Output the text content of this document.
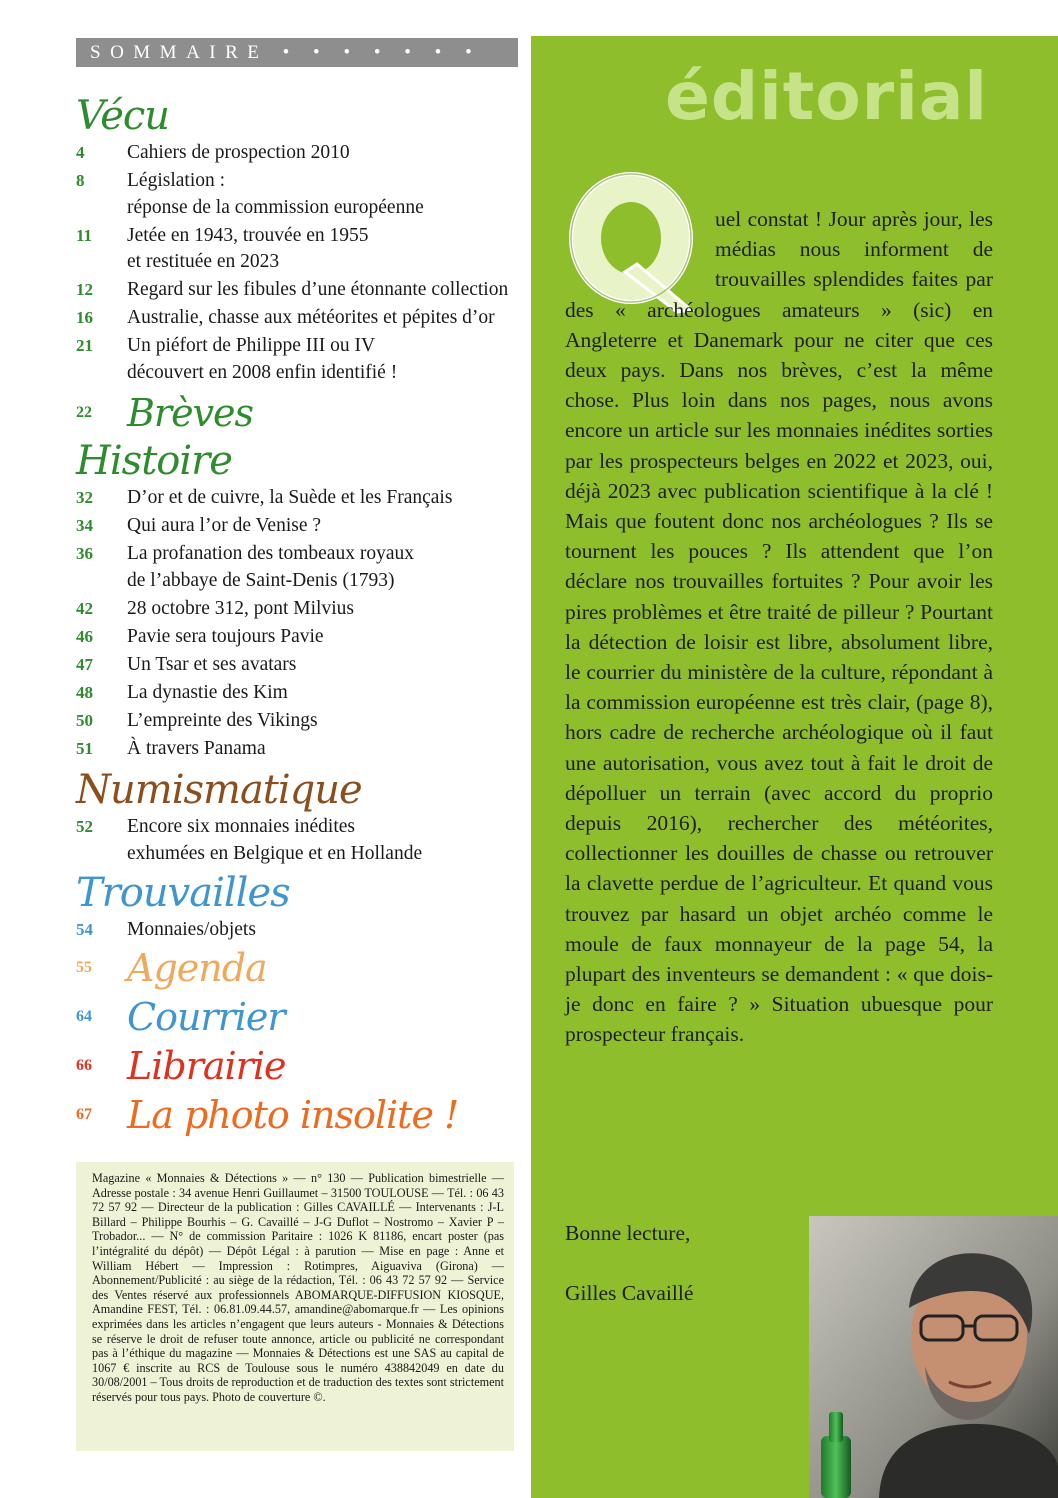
SOMMAIRE • • • • • • •
Vécu
4	Cahiers de prospection 2010
8	Législation :
réponse de la commission européenne
11	Jetée en 1943, trouvée en 1955
et restituée en 2023
12	Regard sur les fibules d’une étonnante collection
16	Australie, chasse aux météorites et pépites d’or
21	Un piéfort de Philippe III ou IV
découvert en 2008 enfin identifié !
22 Brèves
Histoire
32	D’or et de cuivre, la Suède et les Français
34	Qui aura l’or de Venise ?
36	La profanation des tombeaux royaux
de l’abbaye de Saint-Denis (1793)
42	28 octobre 312, pont Milvius
46	Pavie sera toujours Pavie
47	Un Tsar et ses avatars
48	La dynastie des Kim
50	L’empreinte des Vikings
51	À travers Panama
Numismatique
52	Encore six monnaies inédites
exhumées en Belgique et en Hollande
Trouvailles
54	Monnaies/objets
55 Agenda
64 Courrier
66 Librairie
67 La photo insolite !
Magazine « Monnaies & Détections » — n° 130 — Publication bimestrielle — Adresse postale : 34 avenue Henri Guillaumet – 31500 TOULOUSE — Tél. : 06 43 72 57 92 — Directeur de la publication : Gilles CAVAILLÉ — Intervenants : J-L Billard – Philippe Bourhis – G. Cavaillé – J-G Duflot – Nostromo – Xavier P – Trobador... — N° de commission Paritaire : 1026 K 81186, encart poster (pas l’intégralité du dépôt) — Dépôt Légal : à parution — Mise en page : Anne et William Hébert — Impression : Rotimpres, Aiguaviva (Girona) — Abonnement/Publicité : au siège de la rédaction, Tél. : 06 43 72 57 92 — Service des Ventes réservé aux professionnels ABOMARQUE-DIFFUSION KIOSQUE, Amandine FEST, Tél. : 06.81.09.44.57, amandine@abomarque.fr — Les opinions exprimées dans les articles n’engagent que leurs auteurs - Monnaies & Détections se réserve le droit de refuser toute annonce, article ou publicité ne correspondant pas à l’éthique du magazine — Monnaies & Détections est une SAS au capital de 1067 € inscrite au RCS de Toulouse sous le numéro 438842049 en date du 30/08/2001 – Tous droits de reproduction et de traduction des textes sont strictement réservés pour tous pays. Photo de couverture ©.
éditorial
uel constat ! Jour après jour, les médias nous informent de trouvailles splendides faites par des « archéologues amateurs » (sic) en Angleterre et Danemark pour ne citer que ces deux pays. Dans nos brèves, c’est la même chose. Plus loin dans nos pages, nous avons encore un article sur les monnaies inédites sorties par les prospecteurs belges en 2022 et 2023, oui, déjà 2023 avec publication scientifique à la clé ! Mais que foutent donc nos archéologues ? Ils se tournent les pouces ? Ils attendent que l’on déclare nos trouvailles fortuites ? Pour avoir les pires problèmes et être traité de pilleur ? Pourtant la détection de loisir est libre, absolument libre, le courrier du ministère de la culture, répondant à la commission européenne est très clair, (page 8), hors cadre de recherche archéologique où il faut une autorisation, vous avez tout à fait le droit de dépolluer un terrain (avec accord du proprio depuis 2016), rechercher des météorites, collectionner les douilles de chasse ou retrouver la clavette perdue de l’agriculteur. Et quand vous trouvez par hasard un objet archéo comme le moule de faux monnayeur de la page 54, la plupart des inventeurs se demandent : « que dois-je donc en faire ? » Situation ubuesque pour prospecteur français.
Bonne lecture,
Gilles Cavaillé
